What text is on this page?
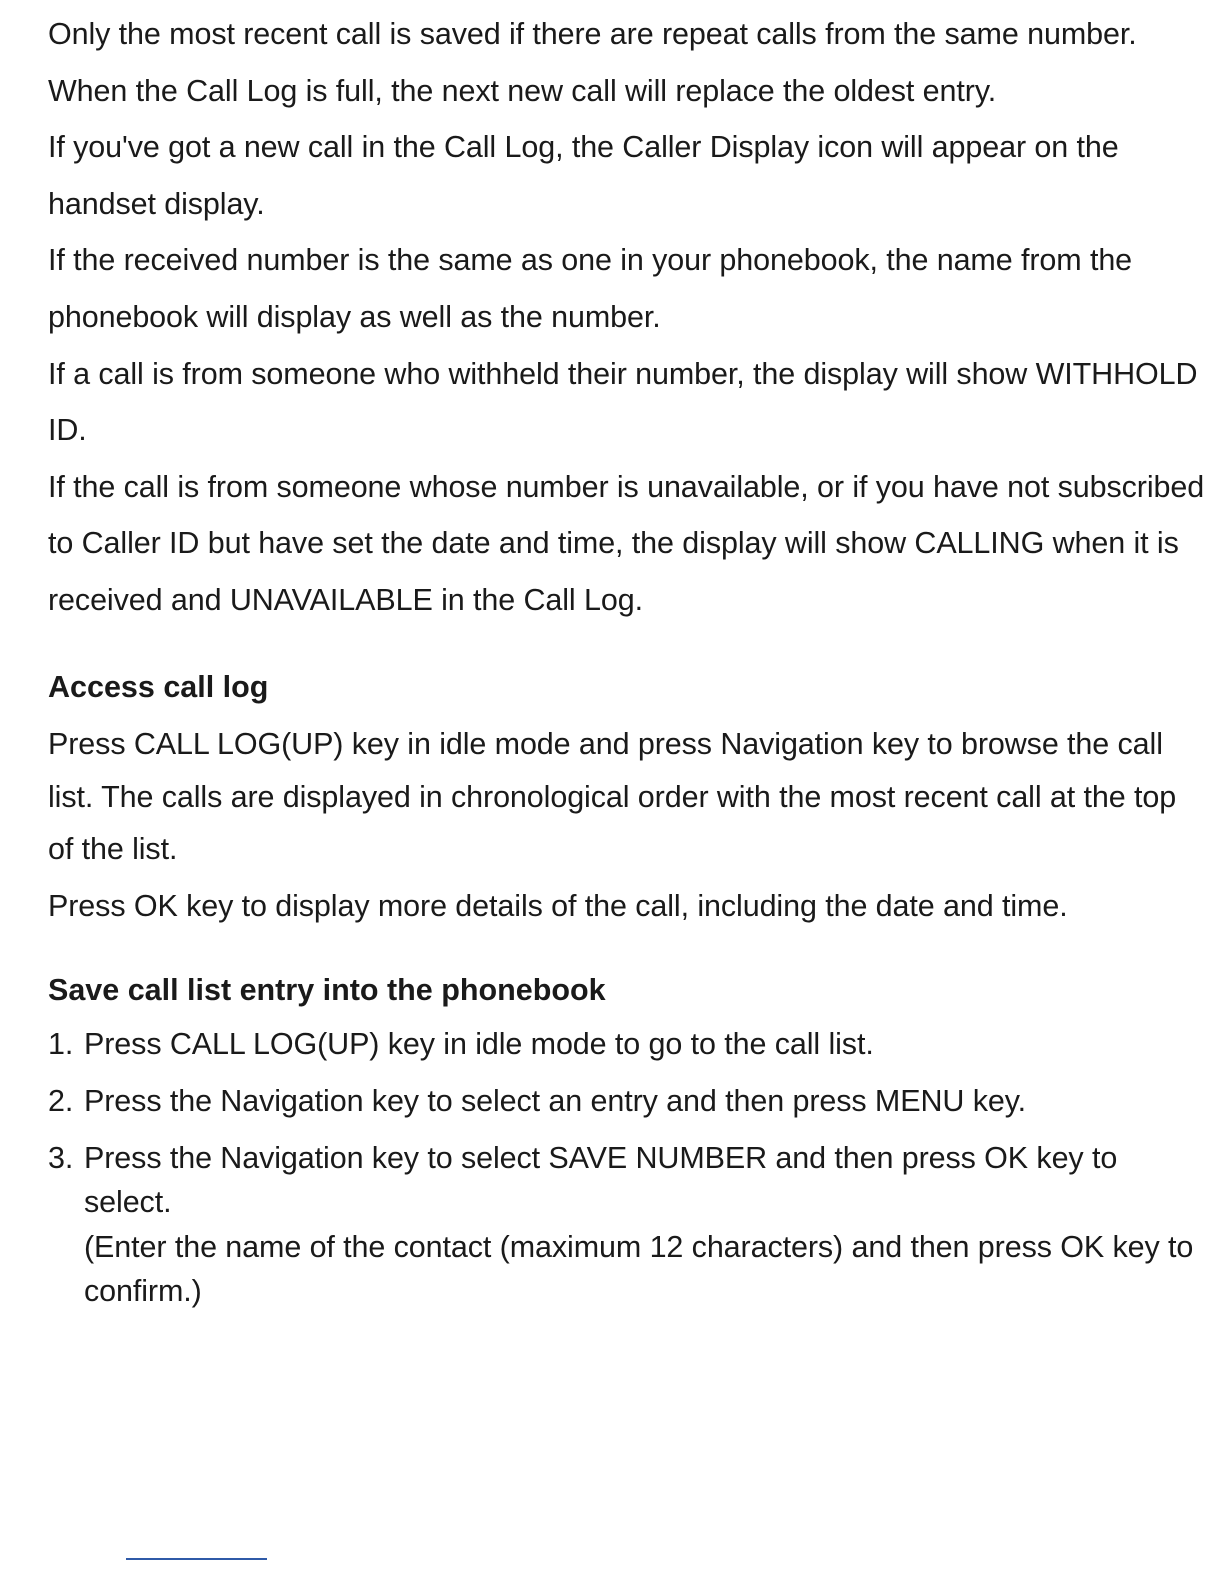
Only the most recent call is saved if there are repeat calls from the same number. When the Call Log is full, the next new call will replace the oldest entry.

If you've got a new call in the Call Log, the Caller Display icon will appear on the handset display.

If the received number is the same as one in your phonebook, the name from the phonebook will display as well as the number.

If a call is from someone who withheld their number, the display will show WITHHOLD ID.

If the call is from someone whose number is unavailable, or if you have not subscribed to Caller ID but have set the date and time, the display will show CALLING when it is received and UNAVAILABLE in the Call Log.

Access call log

Press CALL LOG(UP) key in idle mode and press Navigation key to browse the call list. The calls are displayed in chronological order with the most recent call at the top of the list.

Press OK key to display more details of the call, including the date and time.

Save call list entry into the phonebook
1. Press CALL LOG(UP) key in idle mode to go to the call list.
2. Press the Navigation key to select an entry and then press MENU key.
3. Press the Navigation key to select SAVE NUMBER and then press OK key to select.
(Enter the name of the contact (maximum 12 characters) and then press OK key to confirm.)
